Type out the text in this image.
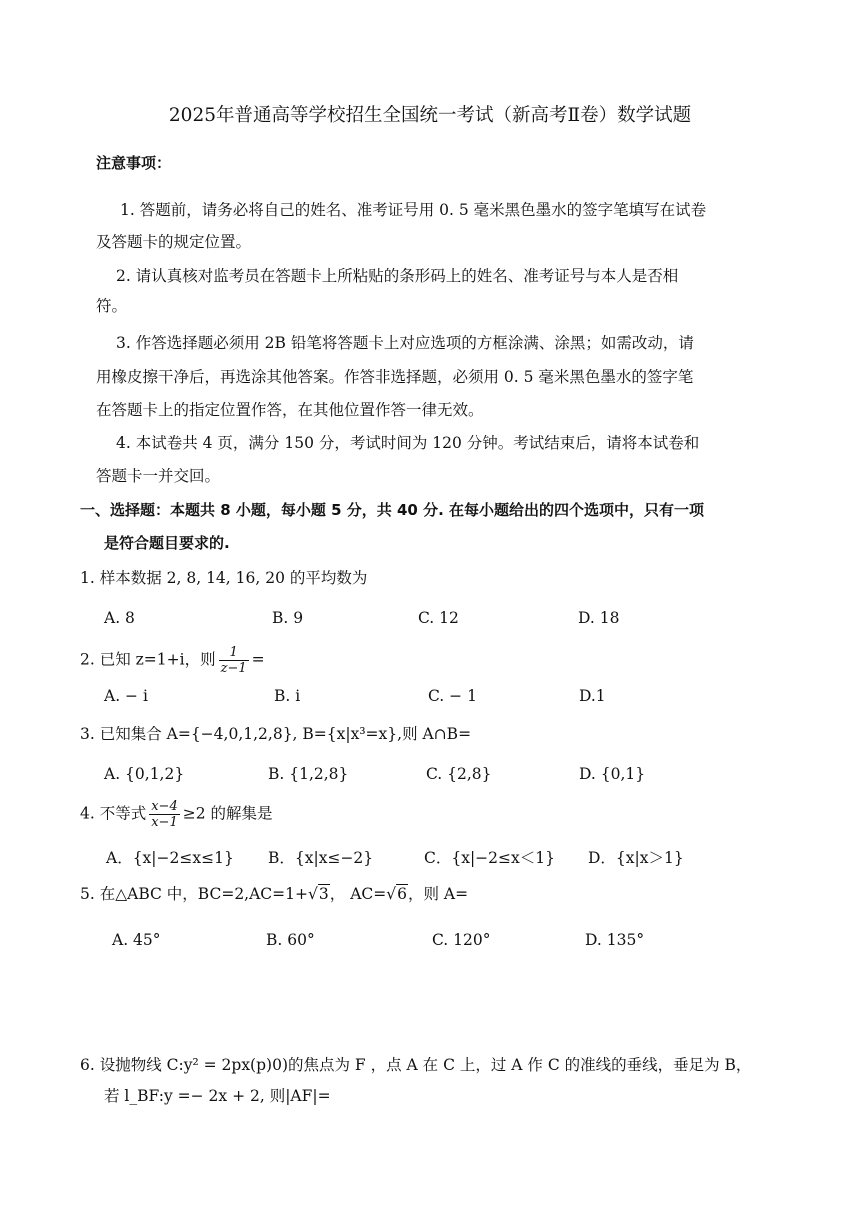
2025年普通高等学校招生全国统一考试（新高考Ⅱ卷）数学试题
注意事项：
1. 答题前，请务必将自己的姓名、准考证号用 0. 5 毫米黑色墨水的签字笔填写在试卷
及答题卡的规定位置。
2. 请认真核对监考员在答题卡上所粘贴的条形码上的姓名、准考证号与本人是否相
符。
3. 作答选择题必须用 2B 铅笔将答题卡上对应选项的方框涂满、涂黑；如需改动，请
用橡皮擦干净后，再选涂其他答案。作答非选择题，必须用 0. 5 毫米黑色墨水的签字笔
在答题卡上的指定位置作答，在其他位置作答一律无效。
4. 本试卷共 4 页，满分 150 分，考试时间为 120 分钟。考试结束后，请将本试卷和
答题卡一并交回。
一、选择题：本题共 8 小题，每小题 5 分，共 40 分. 在每小题给出的四个选项中，只有一项
是符合题目要求的.
1. 样本数据 2, 8, 14, 16, 20 的平均数为
A. 8	B. 9	C. 12	D. 18
2. 已知 z=1+i，则 $\frac{1}{z-1}$ =
A. − i	B. i	C. − 1	D.1
3. 已知集合 A={−4,0,1,2,8}, B={x|x³=x},则 A∩B=
A. {0,1,2}	B. {1,2,8}	C. {2,8}	D. {0,1}
4. 不等式 $\frac{x-4}{x-1} \ge 2$ 的解集是
A．{x|−2≤x≤1} B．{x|x≤−2}	C．{x|−2≤x＜1} D．{x|x＞1}
5. 在△ABC 中，BC=2,AC=1+√3， AC=√6，则 A=
A. 45°	B. 60°	C. 120°	D. 135°
6. 设抛物线 C:y² = 2px(p)0)的焦点为 F ，点 A 在 C 上，过 A 作 C 的准线的垂线，垂足为 B，
若 l_BF:y =− 2x + 2, 则|AF|=
